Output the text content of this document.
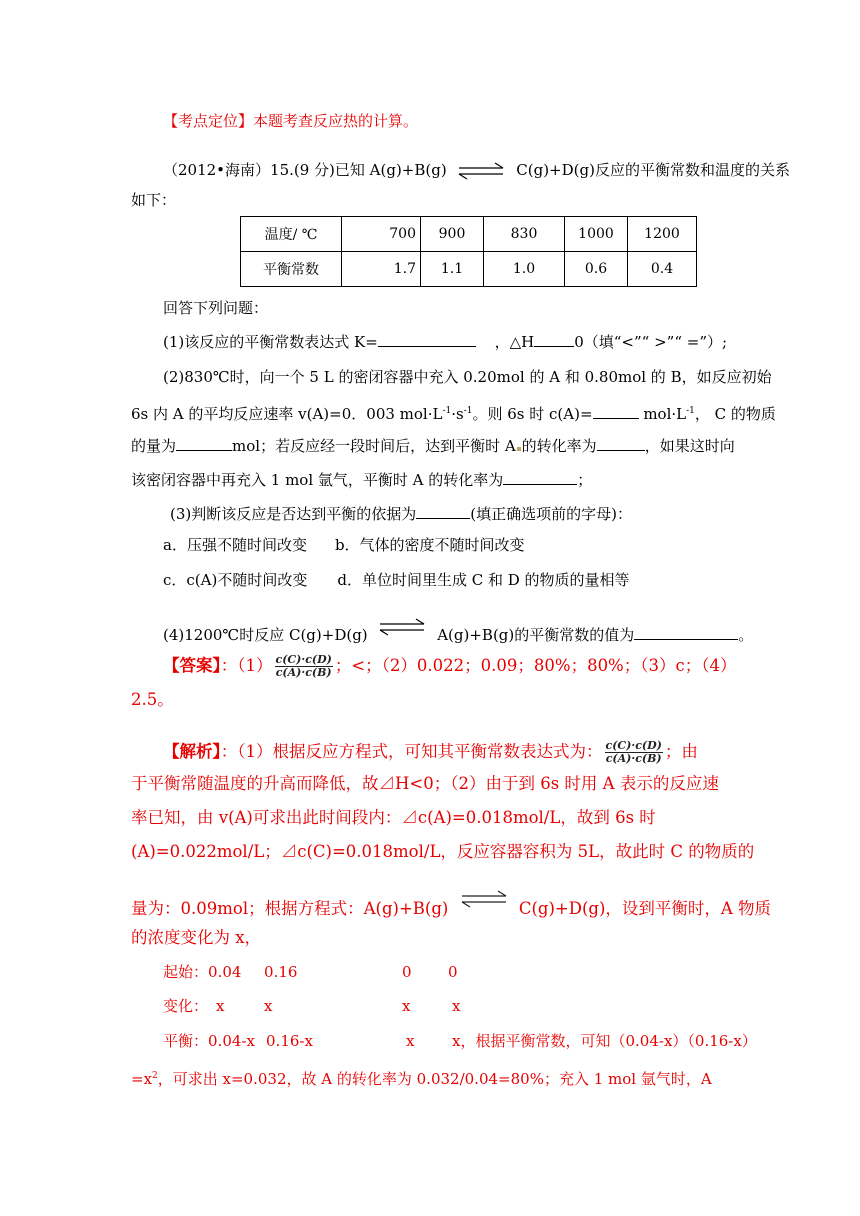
【考点定位】本题考查反应热的计算。
（2012•海南）15.(9 分)已知 A(g)+B(g) ⇌ C(g)+D(g)反应的平衡常数和温度的关系
如下：
温度/ ℃	700	900	830	1000	1200
平衡常数	1.7	1.1	1.0	0.6	0.4
回答下列问题：
(1)该反应的平衡常数表达式 K=	，△H	0（填“<”“ >”“ =”）;
(2)830℃时，向一个 5 L 的密闭容器中充入 0.20mol 的 A 和 0.80mol 的 B，如反应初始
6s 内 A 的平均反应速率 v(A)=0．003 $mol\cdot L^{-1}\cdot s^{-1}$。则 6s 时 c(A)=	$mol\cdot L^{-1}$， C 的物质
的量为	mol；若反应经一段时间后，达到平衡时 A 的转化率为	，如果这时向
该密闭容器中再充入 1 mol 氩气，平衡时 A 的转化率为	；
(3)判断该反应是否达到平衡的依据为	(填正确选项前的字母)：
a．压强不随时间改变 b．气体的密度不随时间改变
c．c(A)不随时间改变 d．单位时间里生成 C 和 D 的物质的量相等
(4)1200℃时反应 C(g)+D(g) ⇌ A(g)+B(g)的平衡常数的值为	。
【答案】：$(1) \frac{c(C)\cdot c(D)}{c(A)\cdot c(B)}$ ；<；（2）0.022；0.09；80%；80%；（3）c；（4）
2.5。
【解析】：（1）根据反应方程式，可知其平衡常数表达式为： $\frac{c(C)\cdot c(D)}{c(A)\cdot c(B)}$ ；由
于平衡常随温度的升高而降低，故⊿H<0；（2）由于到 6s 时用 A 表示的反应速
率已知，由 v(A)可求出此时间段内：⊿c(A)=0.018mol/L，故到 6s 时
(A)=0.022mol/L；⊿c(C)=0.018mol/L，反应容器容积为 5L，故此时 C 的物质的
量为：0.09mol；根据方程式：A(g)+B(g) ⇌ C(g)+D(g)，设到平衡时，A 物质
的浓度变化为 x，
起始：0.04 0.16	0 0
变化： x	x	x	x
平衡：0.04-x 0.16-x	x	x，根据平衡常数，可知（0.04-x）（0.16-x）
$=x^2$，可求出 x=0.032，故 A 的转化率为 0.032/0.04=80%；充入 1 mol 氩气时，A
